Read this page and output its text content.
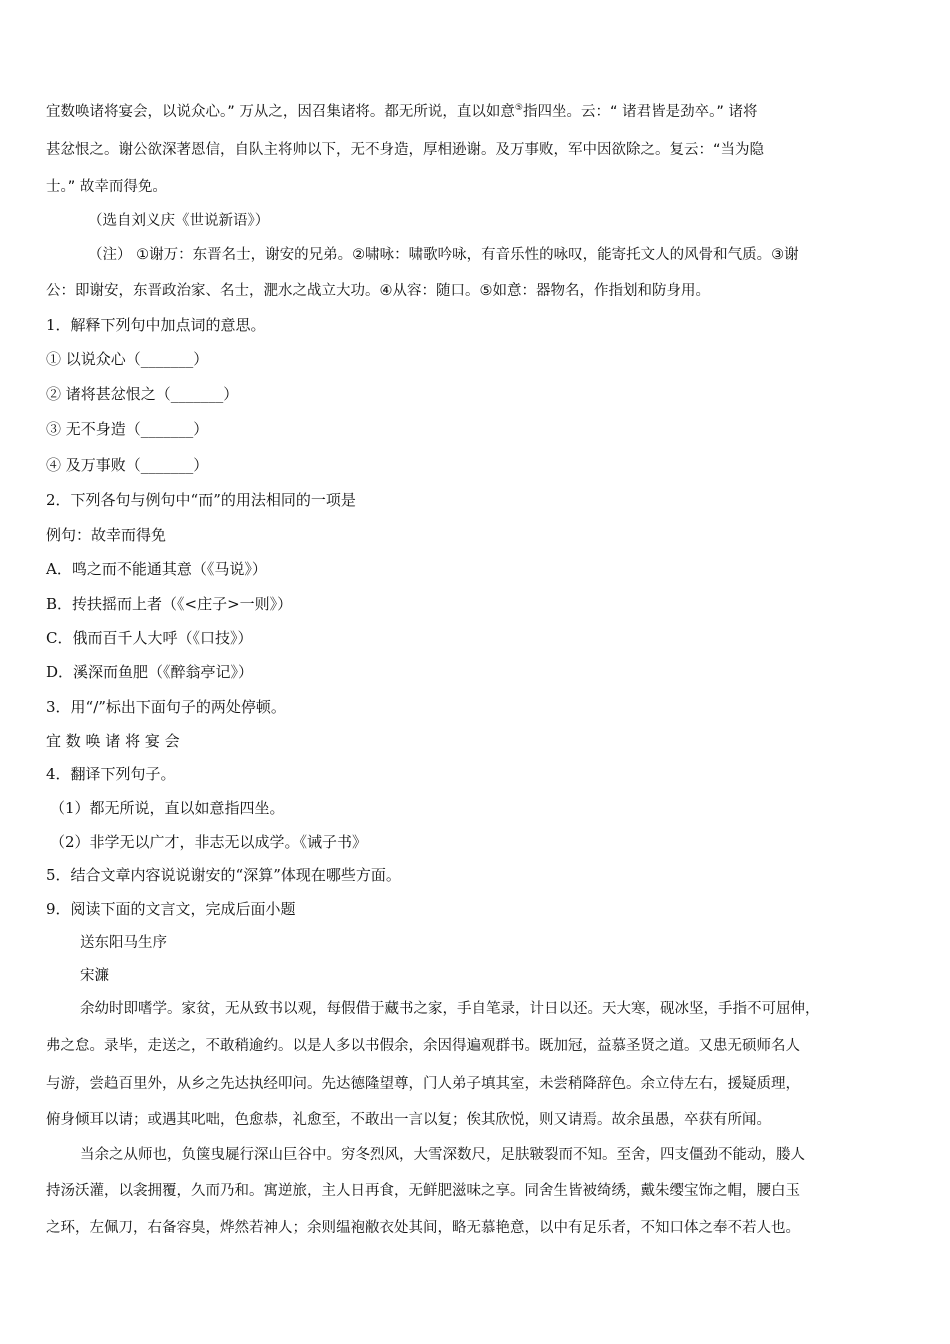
宜数唤诸将宴会，以说众心。” 万从之，因召集诸将。都无所说，直以如意⑤指四坐。云：“ 诸君皆是劲卒。” 诸将
甚忿恨之。谢公欲深著恩信，自队主将帅以下，无不身造，厚相逊谢。及万事败，军中因欲除之。复云：“当为隐
士。” 故幸而得免。
（选自刘义庆《世说新语》）
（注） ①谢万：东晋名士，谢安的兄弟。②啸咏：啸歌吟咏，有音乐性的咏叹，能寄托文人的风骨和气质。③谢
公：即谢安，东晋政治家、名士，淝水之战立大功。④从容：随口。⑤如意：器物名，作指划和防身用。
1．解释下列句中加点词的意思。
① 以说众心（_______）
② 诸将甚忿恨之（_______）
③ 无不身造（_______）
④ 及万事败（_______）
2．下列各句与例句中“而”的用法相同的一项是
例句：故幸而得免
A．鸣之而不能通其意（《马说》）
B．抟扶摇而上者（《<庄子>一则》）
C．俄而百千人大呼（《口技》）
D．溪深而鱼肥（《醉翁亭记》）
3．用“/”标出下面句子的两处停顿。
宜 数 唤 诸 将 宴 会
4．翻译下列句子。
（1）都无所说，直以如意指四坐。
（2）非学无以广才，非志无以成学。《诫子书》
5．结合文章内容说说谢安的“深算”体现在哪些方面。
9．阅读下面的文言文，完成后面小题
送东阳马生序
宋濂
余幼时即嗜学。家贫，无从致书以观，每假借于藏书之家，手自笔录，计日以还。天大寒，砚冰坚，手指不可屈伸，
弗之怠。录毕，走送之，不敢稍逾约。以是人多以书假余，余因得遍观群书。既加冠，益慕圣贤之道。又患无硕师名人
与游，尝趋百里外，从乡之先达执经叩问。先达德隆望尊，门人弟子填其室，未尝稍降辞色。余立侍左右，援疑质理，
俯身倾耳以请；或遇其叱咄，色愈恭，礼愈至，不敢出一言以复；俟其欣悦，则又请焉。故余虽愚，卒获有所闻。
当余之从师也，负箧曳屣行深山巨谷中。穷冬烈风，大雪深数尺，足肤皲裂而不知。至舍，四支僵劲不能动，媵人
持汤沃灌，以衾拥覆，久而乃和。寓逆旅，主人日再食，无鲜肥滋味之享。同舍生皆被绮绣，戴朱缨宝饰之帽，腰白玉
之环，左佩刀，右备容臭，烨然若神人；余则缊袍敝衣处其间，略无慕艳意，以中有足乐者，不知口体之奉不若人也。
